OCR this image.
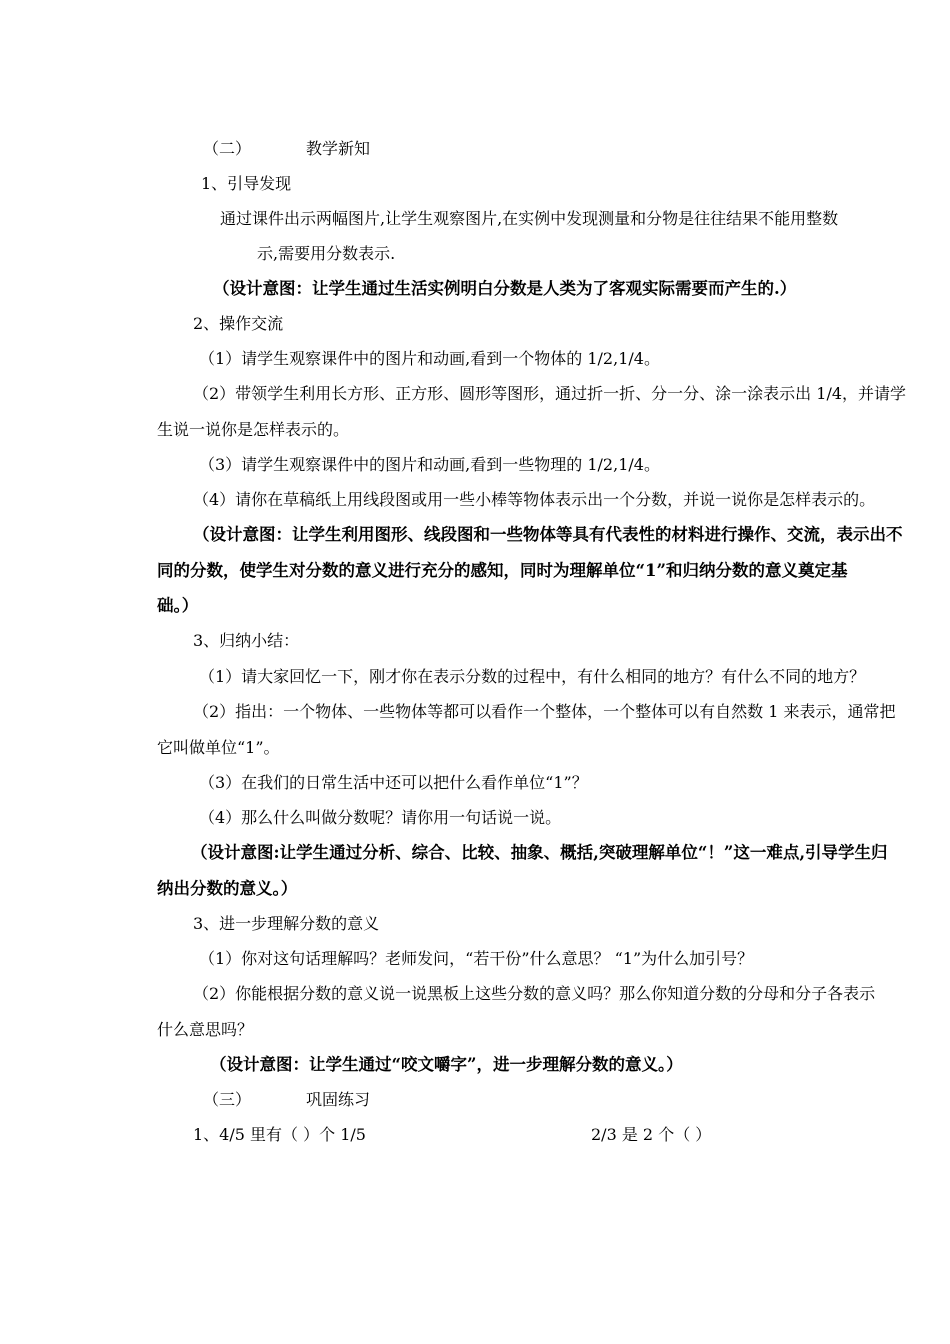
（二）	教学新知
1、引导发现
通过课件出示两幅图片,让学生观察图片,在实例中发现测量和分物是往往结果不能用整数
示,需要用分数表示.
（设计意图：让学生通过生活实例明白分数是人类为了客观实际需要而产生的.）
2、操作交流
（1）请学生观察课件中的图片和动画,看到一个物体的 1/2,1/4。
（2）带领学生利用长方形、正方形、圆形等图形，通过折一折、分一分、涂一涂表示出 1/4，并请学
生说一说你是怎样表示的。
（3）请学生观察课件中的图片和动画,看到一些物理的 1/2,1/4。
（4）请你在草稿纸上用线段图或用一些小棒等物体表示出一个分数，并说一说你是怎样表示的。
（设计意图：让学生利用图形、线段图和一些物体等具有代表性的材料进行操作、交流，表示出不
同的分数，使学生对分数的意义进行充分的感知，同时为理解单位“1”和归纳分数的意义奠定基
础。）
3、归纳小结：
（1）请大家回忆一下，刚才你在表示分数的过程中，有什么相同的地方？有什么不同的地方？
（2）指出：一个物体、一些物体等都可以看作一个整体，一个整体可以有自然数 1 来表示，通常把
它叫做单位“1”。
（3）在我们的日常生活中还可以把什么看作单位“1”？
（4）那么什么叫做分数呢？请你用一句话说一说。
（设计意图:让学生通过分析、综合、比较、抽象、概括,突破理解单位“！”这一难点,引导学生归
纳出分数的意义。）
3、进一步理解分数的意义
（1）你对这句话理解吗？老师发问，“若干份”什么意思？ “1”为什么加引号？
（2）你能根据分数的意义说一说黑板上这些分数的意义吗？那么你知道分数的分母和分子各表示
什么意思吗？
（设计意图：让学生通过“咬文嚼字”，进一步理解分数的意义。）
（三）	巩固练习
1、4/5 里有（ ）个 1/5	2/3 是 2 个（ ）
